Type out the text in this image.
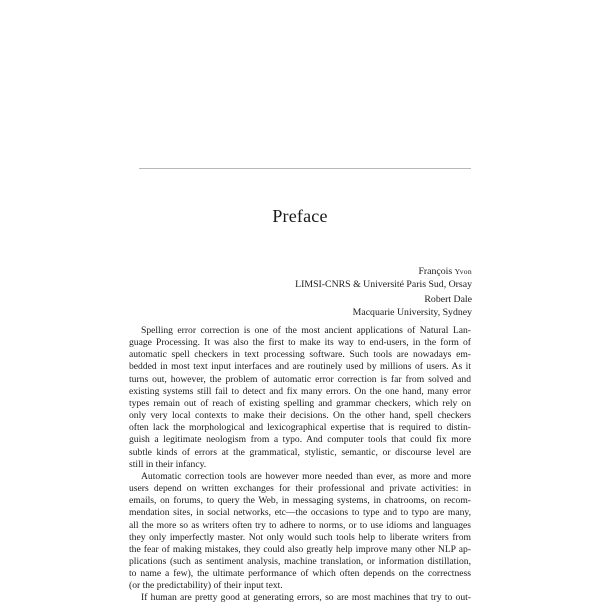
Preface
François Yvon
LIMSI-CNRS & Université Paris Sud, Orsay
Robert Dale
Macquarie University, Sydney

Spelling error correction is one of the most ancient applications of Natural Lan-
guage Processing. It was also the first to make its way to end-users, in the form of
automatic spell checkers in text processing software. Such tools are nowadays em-
bedded in most text input interfaces and are routinely used by millions of users. As it
turns out, however, the problem of automatic error correction is far from solved and
existing systems still fail to detect and fix many errors. On the one hand, many error
types remain out of reach of existing spelling and grammar checkers, which rely on
only very local contexts to make their decisions. On the other hand, spell checkers
often lack the morphological and lexicographical expertise that is required to distin-
guish a legitimate neologism from a typo. And computer tools that could fix more
subtle kinds of errors at the grammatical, stylistic, semantic, or discourse level are
still in their infancy.

Automatic correction tools are however more needed than ever, as more and more
users depend on written exchanges for their professional and private activities: in
emails, on forums, to query the Web, in messaging systems, in chatrooms, on recom-
mendation sites, in social networks, etc—the occasions to type and to typo are many,
all the more so as writers often try to adhere to norms, or to use idioms and languages
they only imperfectly master. Not only would such tools help to liberate writers from
the fear of making mistakes, they could also greatly help improve many other NLP ap-
plications (such as sentiment analysis, machine translation, or information distillation,
to name a few), the ultimate performance of which often depends on the correctness
(or the predictability) of their input text.

If human are pretty good at generating errors, so are most machines that try to out-
